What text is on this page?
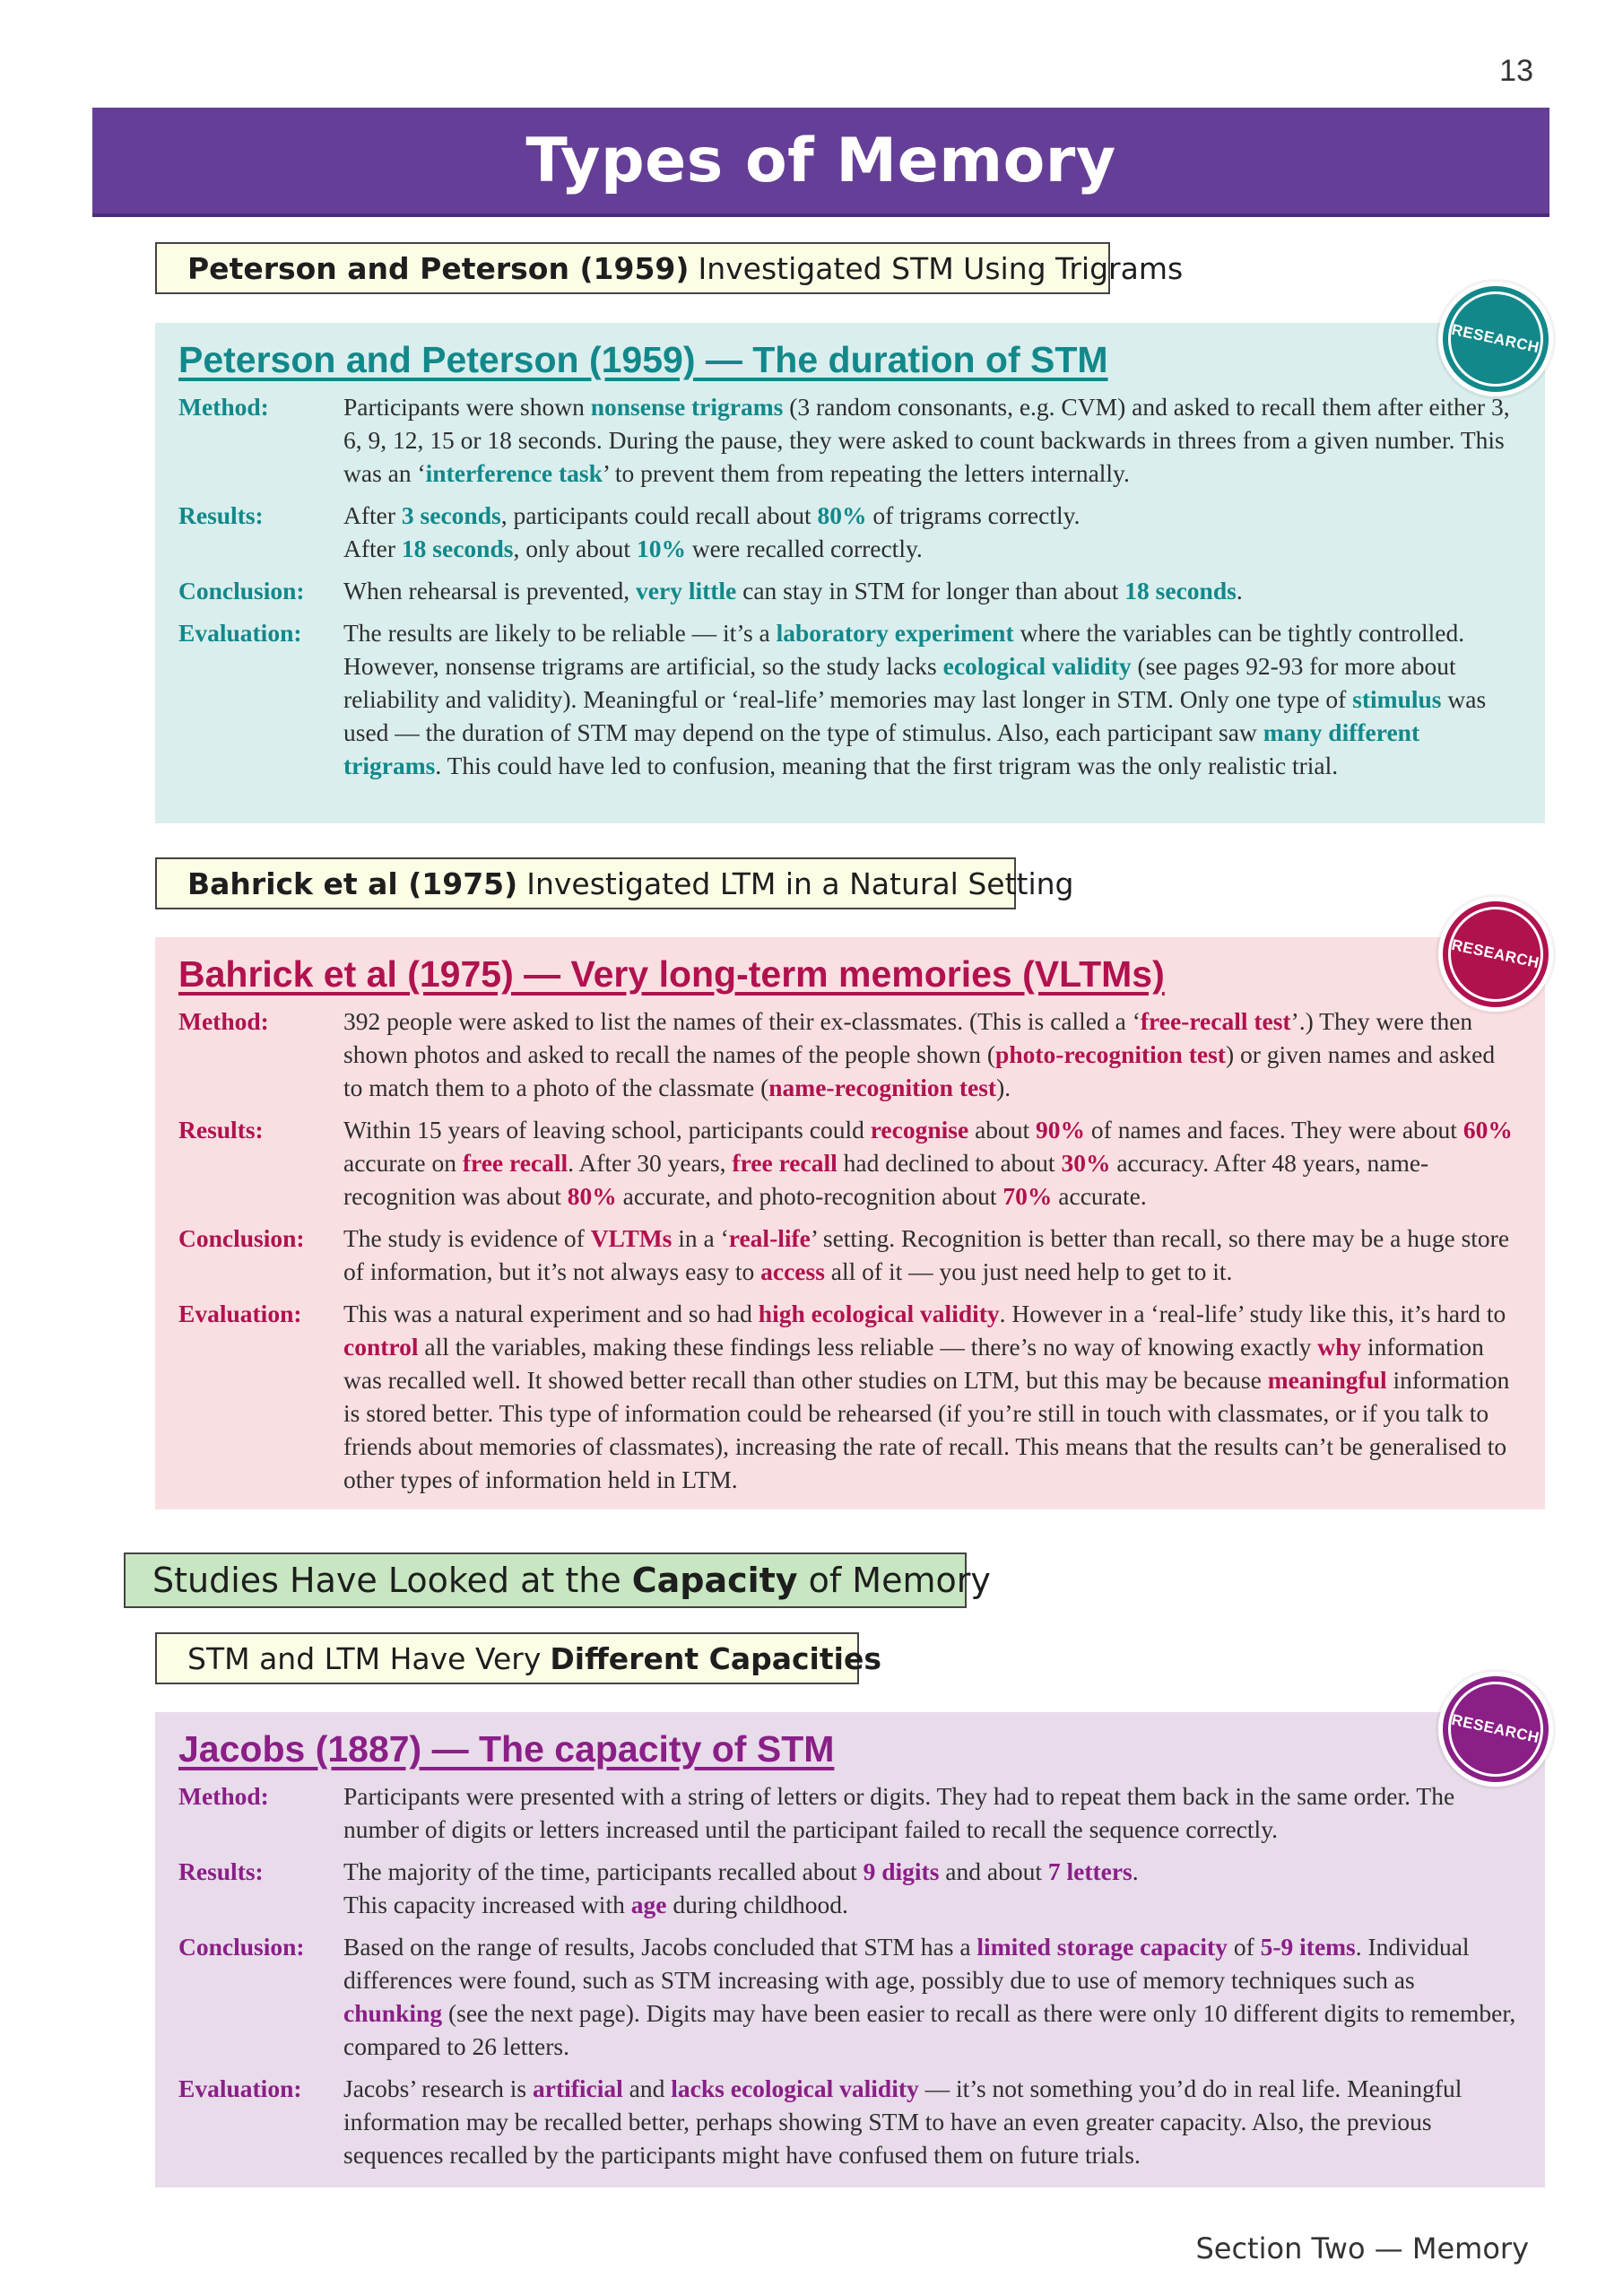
13
Types of Memory
Peterson and Peterson (1959) Investigated STM Using Trigrams
Peterson and Peterson (1959) — The duration of STM
Method:	Participants were shown nonsense trigrams (3 random consonants, e.g. CVM) and asked to recall them after either 3, 6, 9, 12, 15 or 18 seconds. During the pause, they were asked to count backwards in threes from a given number. This was an ‘interference task’ to prevent them from repeating the letters internally.
Results:	After 3 seconds, participants could recall about 80% of trigrams correctly.
After 18 seconds, only about 10% were recalled correctly.
Conclusion:	When rehearsal is prevented, very little can stay in STM for longer than about 18 seconds.
Evaluation:	The results are likely to be reliable — it’s a laboratory experiment where the variables can be tightly controlled. However, nonsense trigrams are artificial, so the study lacks ecological validity (see pages 92-93 for more about reliability and validity). Meaningful or ‘real-life’ memories may last longer in STM. Only one type of stimulus was used — the duration of STM may depend on the type of stimulus. Also, each participant saw many different trigrams. This could have led to confusion, meaning that the first trigram was the only realistic trial.
RESEARCH
Bahrick et al (1975) Investigated LTM in a Natural Setting
Bahrick et al (1975) — Very long-term memories (VLTMs)
Method:	392 people were asked to list the names of their ex-classmates. (This is called a ‘free-recall test’.) They were then shown photos and asked to recall the names of the people shown (photo-recognition test) or given names and asked to match them to a photo of the classmate (name-recognition test).
Results:	Within 15 years of leaving school, participants could recognise about 90% of names and faces. They were about 60% accurate on free recall. After 30 years, free recall had declined to about 30% accuracy. After 48 years, name-recognition was about 80% accurate, and photo-recognition about 70% accurate.
Conclusion:	The study is evidence of VLTMs in a ‘real-life’ setting. Recognition is better than recall, so there may be a huge store of information, but it’s not always easy to access all of it — you just need help to get to it.
Evaluation:	This was a natural experiment and so had high ecological validity. However in a ‘real-life’ study like this, it’s hard to control all the variables, making these findings less reliable — there’s no way of knowing exactly why information was recalled well. It showed better recall than other studies on LTM, but this may be because meaningful information is stored better. This type of information could be rehearsed (if you’re still in touch with classmates, or if you talk to friends about memories of classmates), increasing the rate of recall. This means that the results can’t be generalised to other types of information held in LTM.
RESEARCH
Studies Have Looked at the Capacity of Memory
STM and LTM Have Very Different Capacities
Jacobs (1887) — The capacity of STM
Method:	Participants were presented with a string of letters or digits. They had to repeat them back in the same order. The number of digits or letters increased until the participant failed to recall the sequence correctly.
Results:	The majority of the time, participants recalled about 9 digits and about 7 letters.
This capacity increased with age during childhood.
Conclusion:	Based on the range of results, Jacobs concluded that STM has a limited storage capacity of 5-9 items. Individual differences were found, such as STM increasing with age, possibly due to use of memory techniques such as chunking (see the next page). Digits may have been easier to recall as there were only 10 different digits to remember, compared to 26 letters.
Evaluation:	Jacobs’ research is artificial and lacks ecological validity — it’s not something you’d do in real life. Meaningful information may be recalled better, perhaps showing STM to have an even greater capacity. Also, the previous sequences recalled by the participants might have confused them on future trials.
RESEARCH
Section Two — Memory
